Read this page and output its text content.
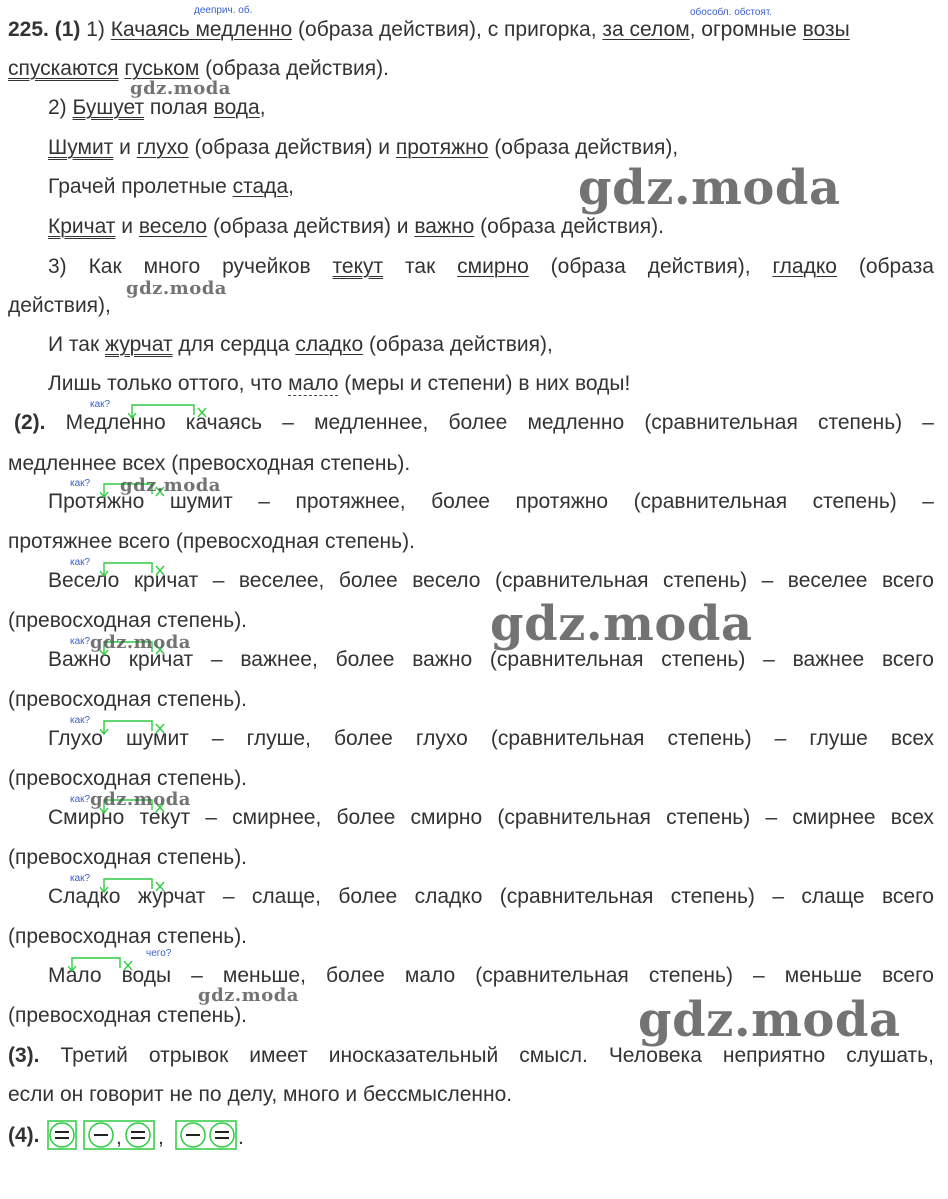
дееприч. об.	обособл. обстоят.
225. (1) 1) Качаясь медленно (образа действия), с пригорка, за селом, огромные возы
спускаются гуськом (образа действия).
2) Бушует полая вода,
Шумит и глухо (образа действия) и протяжно (образа действия),
Грачей пролетные стада,
Кричат и весело (образа действия) и важно (образа действия).
3) Как много ручейков текут так смирно (образа действия), гладко (образа
действия),
И так журчат для сердца сладко (образа действия),
Лишь только оттого, что мало (меры и степени) в них воды!
(2). Медленно качаясь – медленнее, более медленно (сравнительная степень) –
медленнее всех (превосходная степень).
как?
Протяжно шумит – протяжнее, более протяжно (сравнительная степень) –
протяжнее всего (превосходная степень).
как?
Весело кричат – веселее, более весело (сравнительная степень) – веселее всего
(превосходная степень).
как?
Важно кричат – важнее, более важно (сравнительная степень) – важнее всего
(превосходная степень).
как?
Глухо шумит – глуше, более глухо (сравнительная степень) – глуше всех
(превосходная степень).
как?
Смирно текут – смирнее, более смирно (сравнительная степень) – смирнее всех
(превосходная степень).
как?
Сладко журчат – слаще, более сладко (сравнительная степень) – слаще всего
(превосходная степень).
как?
Мало воды – меньше, более мало (сравнительная степень) – меньше всего
(превосходная степень).
чего?
(3). Третий отрывок имеет иносказательный смысл. Человека неприятно слушать,
если он говорит не по делу, много и бессмысленно.
(4).	, ,	.
gdz.moda
gdz.moda
gdz.moda
gdz.moda
gdz.moda
gdz.moda
gdz.moda
gdz.moda	gdz.moda
